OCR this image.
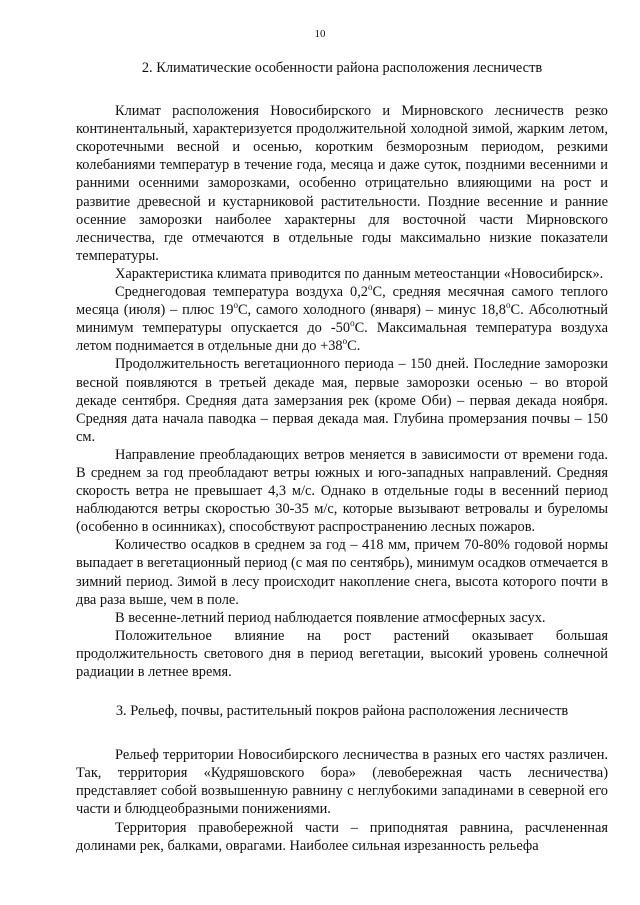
10

2. Климатические особенности района расположения лесничеств

Климат расположения Новосибирского и Мирновского лесничеств резко континентальный, характеризуется продолжительной холодной зимой, жарким летом, скоротечными весной и осенью, коротким безморозным периодом, резкими колебаниями температур в течение года, месяца и даже суток, поздними весенними и ранними осенними заморозками, особенно отрицательно влияющими на рост и развитие древесной и кустарниковой растительности. Поздние весенние и ранние осенние заморозки наиболее характерны для восточной части Мирновского лесничества, где отмечаются в отдельные годы максимально низкие показатели температуры.

Характеристика климата приводится по данным метеостанции «Новосибирск».

Среднегодовая температура воздуха 0,2$^o$С, средняя месячная самого теплого месяца (июля) – плюс 19$^o$С, самого холодного (января) – минус 18,8$^o$С. Абсолютный минимум температуры опускается до -50$^o$С. Максимальная температура воздуха летом поднимается в отдельные дни до $+38^oС$.

Продолжительность вегетационного периода – 150 дней. Последние заморозки весной появляются в третьей декаде мая, первые заморозки осенью – во второй декаде сентября. Средняя дата замерзания рек (кроме Оби) – первая декада ноября. Средняя дата начала паводка – первая декада мая. Глубина промерзания почвы – 150 см.

Направление преобладающих ветров меняется в зависимости от времени года. В среднем за год преобладают ветры южных и юго-западных направлений. Средняя скорость ветра не превышает 4,3 м/с. Однако в отдельные годы в весенний период наблюдаются ветры скоростью 30-35 м/с, которые вызывают ветровалы и буреломы (особенно в осинниках), способствуют распространению лесных пожаров.

Количество осадков в среднем за год – 418 мм, причем 70-80% годовой нормы выпадает в вегетационный период (с мая по сентябрь), минимум осадков отмечается в зимний период. Зимой в лесу происходит накопление снега, высота которого почти в два раза выше, чем в поле.

В весенне-летний период наблюдается появление атмосферных засух.

Положительное влияние на рост растений оказывает большая продолжительность светового дня в период вегетации, высокий уровень солнечной радиации в летнее время.

3. Рельеф, почвы, растительный покров района расположения лесничеств

Рельеф территории Новосибирского лесничества в разных его частях различен. Так, территория «Кудряшовского бора» (левобережная часть лесничества) представляет собой возвышенную равнину с неглубокими западинами в северной его части и блюдцеобразными понижениями.

Территория правобережной части – приподнятая равнина, расчлененная долинами рек, балками, оврагами. Наиболее сильная изрезанность рельефа
